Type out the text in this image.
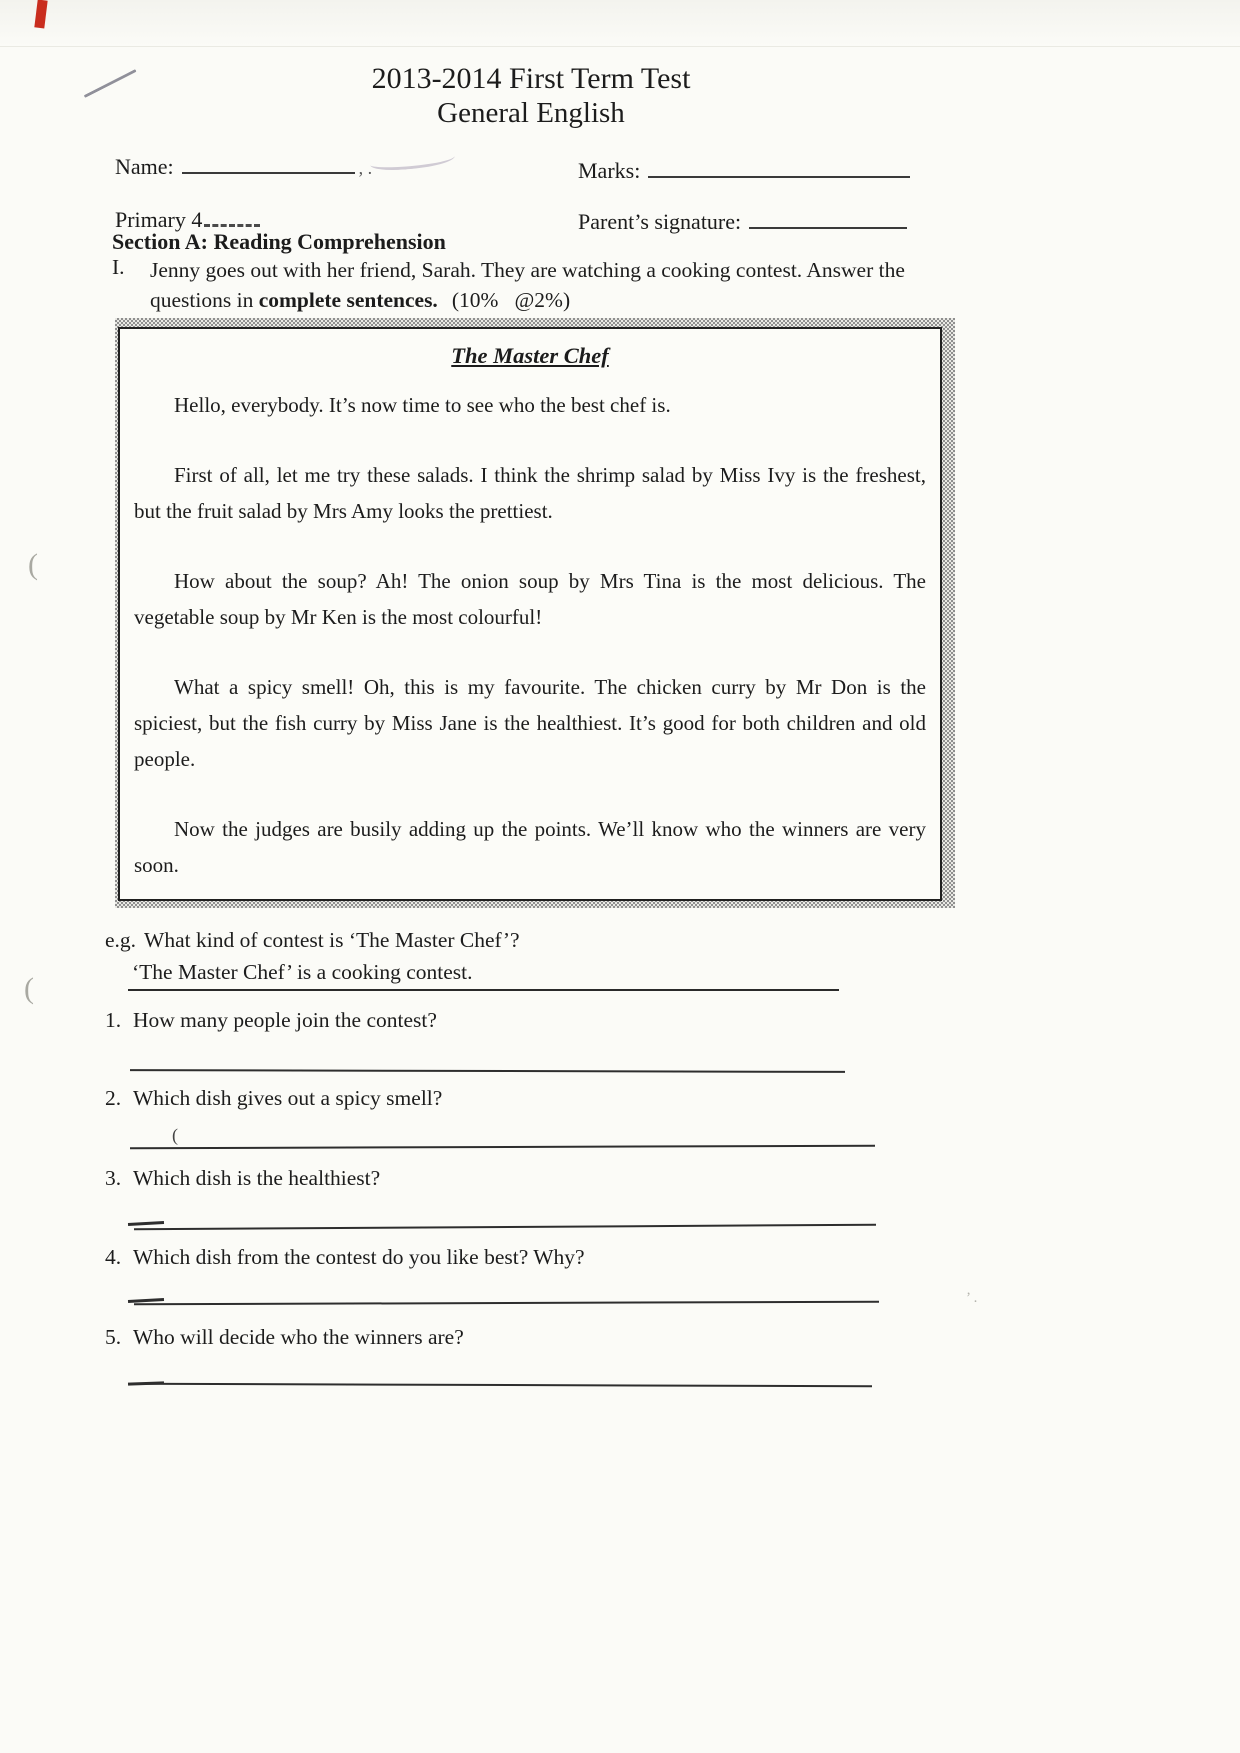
(
(
’ .
2013-2014 First Term Test
General English
Name:	, .	Marks:
Primary 4	Parent’s signature:
Section A: Reading Comprehension
I. Jenny goes out with her friend, Sarah. They are watching a cooking contest. Answer the
questions in complete sentences. (10%   @2%)
The Master Chef

Hello, everybody. It’s now time to see who the best chef is.

First of all, let me try these salads. I think the shrimp salad by Miss Ivy is the freshest, but the fruit salad by Mrs Amy looks the prettiest.

How about the soup? Ah! The onion soup by Mrs Tina is the most delicious. The vegetable soup by Mr Ken is the most colourful!

What a spicy smell! Oh, this is my favourite. The chicken curry by Mr Don is the spiciest, but the fish curry by Miss Jane is the healthiest. It’s good for both children and old people.

Now the judges are busily adding up the points. We’ll know who the winners are very soon.

e.g. What kind of contest is ‘The Master Chef’?
‘The Master Chef’ is a cooking contest.
1. How many people join the contest?
2. Which dish gives out a spicy smell?
(
3. Which dish is the healthiest?
4. Which dish from the contest do you like best? Why?
5. Who will decide who the winners are?
